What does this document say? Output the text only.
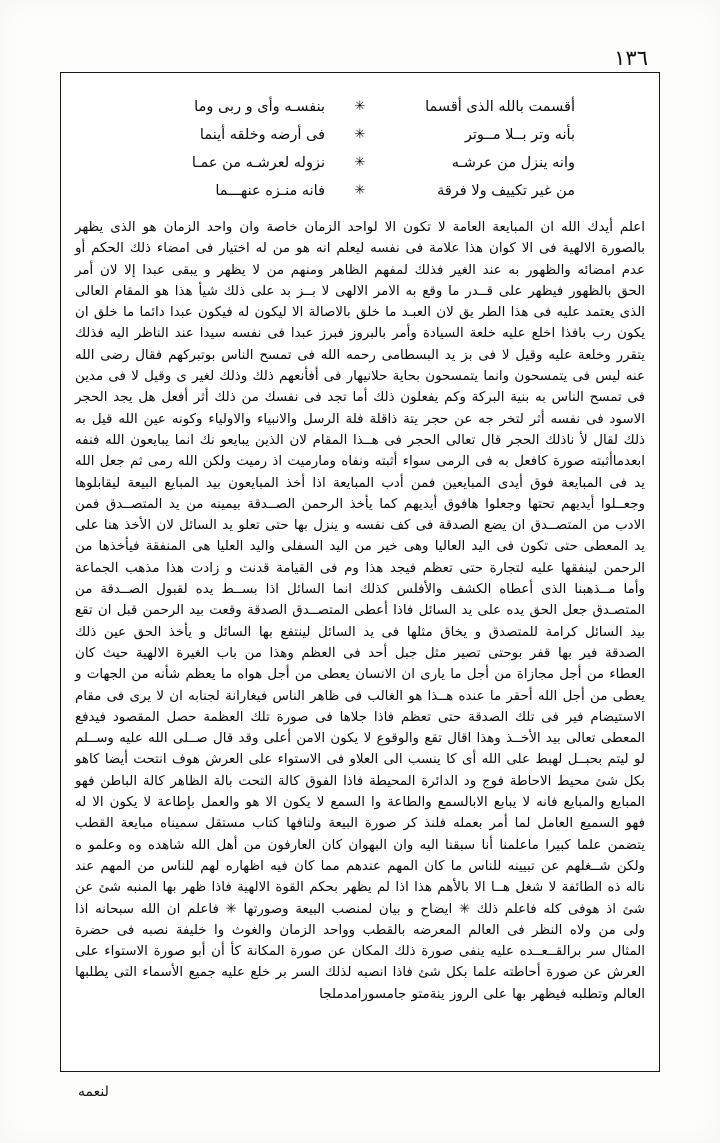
١٣٦
أقسمت بالله الذى أقسما
✳
بنفسـه وأى و ربى وما
بأنه وتر بــلا مــوتر
✳
فى أرضه وخلقه أينما
وانه ينزل من عرشـه
✳
نزوله لعرشـه من عمـا
من غير تكييف ولا فرقة
✳
فانه منـزه عنهـــما

اعلم أيدك الله ان المبايعة العامة لا تكون الا لواحد الزمان خاصة وان واحد الزمان هو الذى يظهر بالصورة الالهية فى الا كوان هذا علامة فى نفسه ليعلم انه هو من له اختيار فى امضاء ذلك الحكم أو عدم امضائه والظهور به عند الغير فذلك لمفهم الظاهر ومنهم من لا يظهر و يبقى عبدا إلا لان أمر الحق بالظهور فيظهر على قــدر ما وقع به الامر الالهى لا بــز بد على ذلك شيأ هذا هو المقام العالى الذى يعتمد عليه فى هذا الطر يق لان العبـد ما خلق بالاصالة الا ليكون له فيكون عبدا دائما ما خلق ان يكون رب بافذا اخلع عليه خلعة السيادة وأمر بالبروز فبرز عبدا فى نفسه سيدا عند الناظر اليه فذلك يتقرر وخلعة عليه وقيل لا فى بز يد البسطامى رحمه الله فى تمسح الناس بوتبركهم فقال رضى الله عنه ليس فى يتمسحون وانما يتمسحون بحاية حلانيهار فى أفأنعهم ذلك وذلك لغير ى وقيل لا فى مدين فى تمسح الناس به بنية البركة وكم يفعلون ذلك أما تجد فى نفسك من ذلك أثر أفعل هل يجد الحجر الاسود فى نفسه أثر لتخر جه عن حجر يتة ذاقلة فلة الرسل والانبياء والاولياء وكونه عين الله قيل به ذلك لقال لأ ناذلك الحجر قال تعالى الحجر فى هــذا المقام لان الذين يبايعو نك انما يبايعون الله فنفه ابعدماأثبته صورة كافعل به فى الرمى سواء أثبته ونفاه ومارميت اذ رميت ولكن الله رمى ثم جعل الله يد فى المبايعة فوق أيدى المبايعين فمن أدب المبايعة اذا أخذ المبايعون بيد المبايع البيعة ليقابلوها وجعــلوا أيديهم تحتها وجعلوا هافوق أيديهم كما يأخذ الرحمن الصــدقة بيمينه من يد المتصــدق فمن الادب من المتصــدق ان يضع الصدقة فى كف نفسه و ينزل بها حتى تعلو يد السائل لان الأخذ هنا على يد المعطى حتى تكون فى اليد العاليا وهى خير من اليد السفلى واليد العليا هى المنفقة فيأخذها من الرحمن لينفقها عليه لتجارة حتى تعظم فيجد هذا وم فى القيامة قدنت و زادت هذا مذهب الجماعة وأما مــذهبنا الذى أعطاه الكشف والأفلس كذلك انما السائل اذا بســط يده لقبول الصــدقة من المتصـدق جعل الحق يده على يد السائل فاذا أعطى المتصــدق الصدقة وقعت بيد الرحمن قبل ان تقع بيد السائل كرامة للمتصدق و يخاق مثلها فى يد السائل لينتفع بها السائل و يأخذ الحق عين ذلك الصدقة فير بها قفر بوحتى تصير مثل جبل أحد فى العظم وهذا من باب الغيرة الالهية حيث كان العطاء من أجل مجازاة من أجل ما يارى ان الانسان يعطى من أجل هواه ما يعظم شأنه من الجهات و يعطى من أجل الله أحقر ما عنده هــذا هو الغالب فى ظاهر الناس فيغارانة لجنابه ان لا يرى فى مقام الاستيضام فير فى تلك الصدقة حتى تعظم فاذا جلاها فى صورة تلك العظمة حصل المقصود فيدفع المعطى تعالى بيد الأخــذ وهذا اقال تقع والوقوع لا يكون الامن أعلى وقد قال صــلى الله عليه وســلم لو ليتم بحبــل لهبط على الله أى كا ينسب الى العلاو فى الاستواء على العرش هوف انتحت أيضا كاهو بكل شئ محيط الاحاطة فوج ود الدائرة المحيطة فاذا الفوق كالة التحت بالة الظاهر كالة الباطن فهو المبايع والمبايع فانه لا يبابع الابالسمع والطاعة وا السمع لا يكون الا هو والعمل بإطاعة لا يكون الا له فهو السميع العامل لما أمر بعمله فلنذ كر صورة البيعة ولنافها كتاب مستقل سميناه مبايعة القطب يتضمن علما كبيرا ماعلمنا أنا سبقنا اليه وان البهوان كان العارفون من أهل الله شاهده وه وعلمو ه ولكن شــغلهم عن تبيينه للناس ما كان المهم عندهم مما كان فيه اظهاره لهم للناس من المهم عند ناله ذه الطائفة لا شغل هــا الا بالأهم هذا اذا لم يظهر بحكم القوة الالهية فاذا ظهر بها المنبه شئ عن شئ اذ هوفى كله فاعلم ذلك ✳ ايضاح و بيان لمنصب البيعة وصورتها ✳ فاعلم ان الله سبحانه اذا ولى من ولاه النظر فى العالم المعرضه بالقطب وواحد الزمان والغوث وا خليفة نصبه فى حضرة المثال سر برالقــعــده عليه ينفى صورة ذلك المكان عن صورة المكانة كأ أن أبو صورة الاستواء على العرش عن صورة أحاطته علما بكل شئ فاذا انصبه لذلك السر بر خلع عليه جميع الأسماء التى يطلبها العالم وتطلبه فيظهر بها على الروز ينةمتو جامسورامدملجا

لنعمه
